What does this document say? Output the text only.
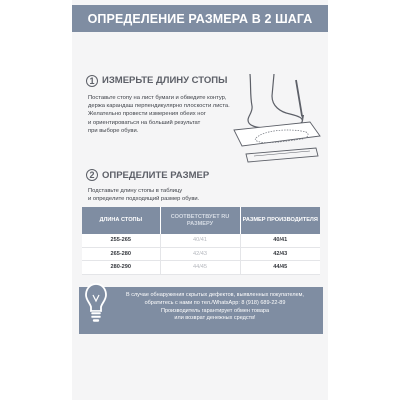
ОПРЕДЕЛЕНИЕ РАЗМЕРА В 2 ШАГА
1 ИЗМЕРЬТЕ ДЛИНУ СТОПЫ
Поставьте стопу на лист бумаги и обведите контур,
держа карандаш перпендикулярно плоскости листа.
Желательно провести измерения обеих ног
и ориентироваться на больший результат
при выборе обуви.
2 ОПРЕДЕЛИТЕ РАЗМЕР
Подставьте длину стопы в таблицу
и определите подходящий размер обуви.
ДЛИНА СТОПЫ	СООТВЕТСТВУЕТ RU РАЗМЕРУ	РАЗМЕР ПРОИЗВОДИТЕЛЯ
255-265	40/41	40/41
265-280	42/43	42/43
280-290	44/45	44/45
В случае обнаружения скрытых дефектов, выявленных покупателем,
обратитесь с нами по тел./WhatsApp: 8 (918) 689-22-89
Производитель гарантирует обмен товара
или возврат денежных средств!
